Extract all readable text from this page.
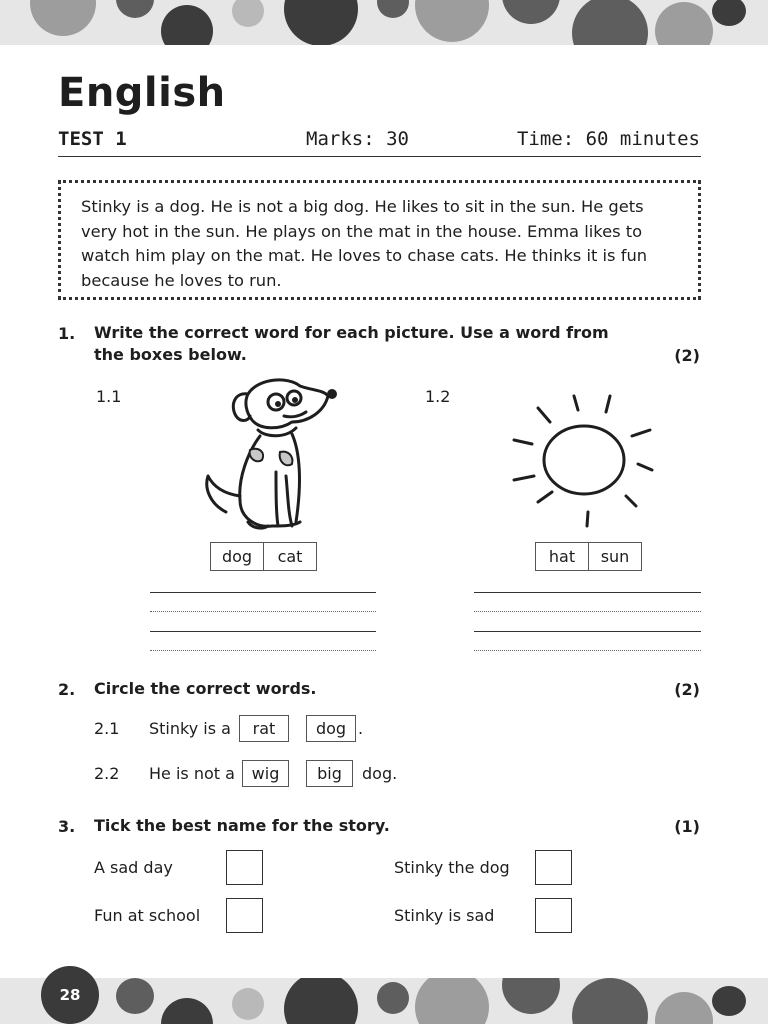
English
TEST 1	Marks: 30	Time: 60 minutes
Stinky is a dog. He is not a big dog. He likes to sit in the sun. He gets very hot in the sun. He plays on the mat in the house. Emma likes to watch him play on the mat. He loves to chase cats. He thinks it is fun because he loves to run.
1. Write the correct word for each picture. Use a word from the boxes below.	(2)
1.1
dog	cat
1.2
hat	sun
2. Circle the correct words.	(2)
2.1 Stinky is a	rat	dog .
2.2 He is not a	wig	big	dog.
3. Tick the best name for the story.	(1)
A sad day	Stinky the dog
Fun at school	Stinky is sad
28
